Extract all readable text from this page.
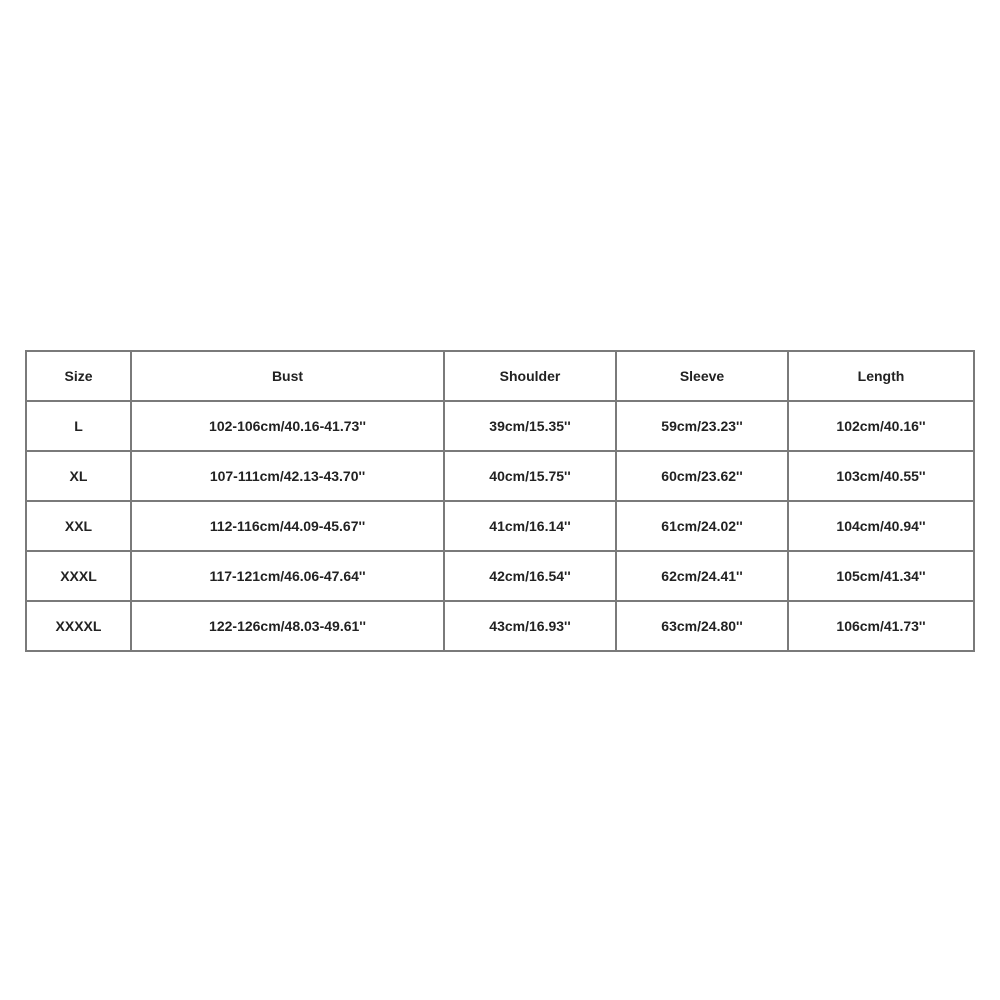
Size	Bust	Shoulder	Sleeve	Length
L	102-106cm/40.16-41.73''	39cm/15.35''	59cm/23.23''	102cm/40.16''
XL	107-111cm/42.13-43.70''	40cm/15.75''	60cm/23.62''	103cm/40.55''
XXL	112-116cm/44.09-45.67''	41cm/16.14''	61cm/24.02''	104cm/40.94''
XXXL	117-121cm/46.06-47.64''	42cm/16.54''	62cm/24.41''	105cm/41.34''
XXXXL	122-126cm/48.03-49.61''	43cm/16.93''	63cm/24.80''	106cm/41.73''
